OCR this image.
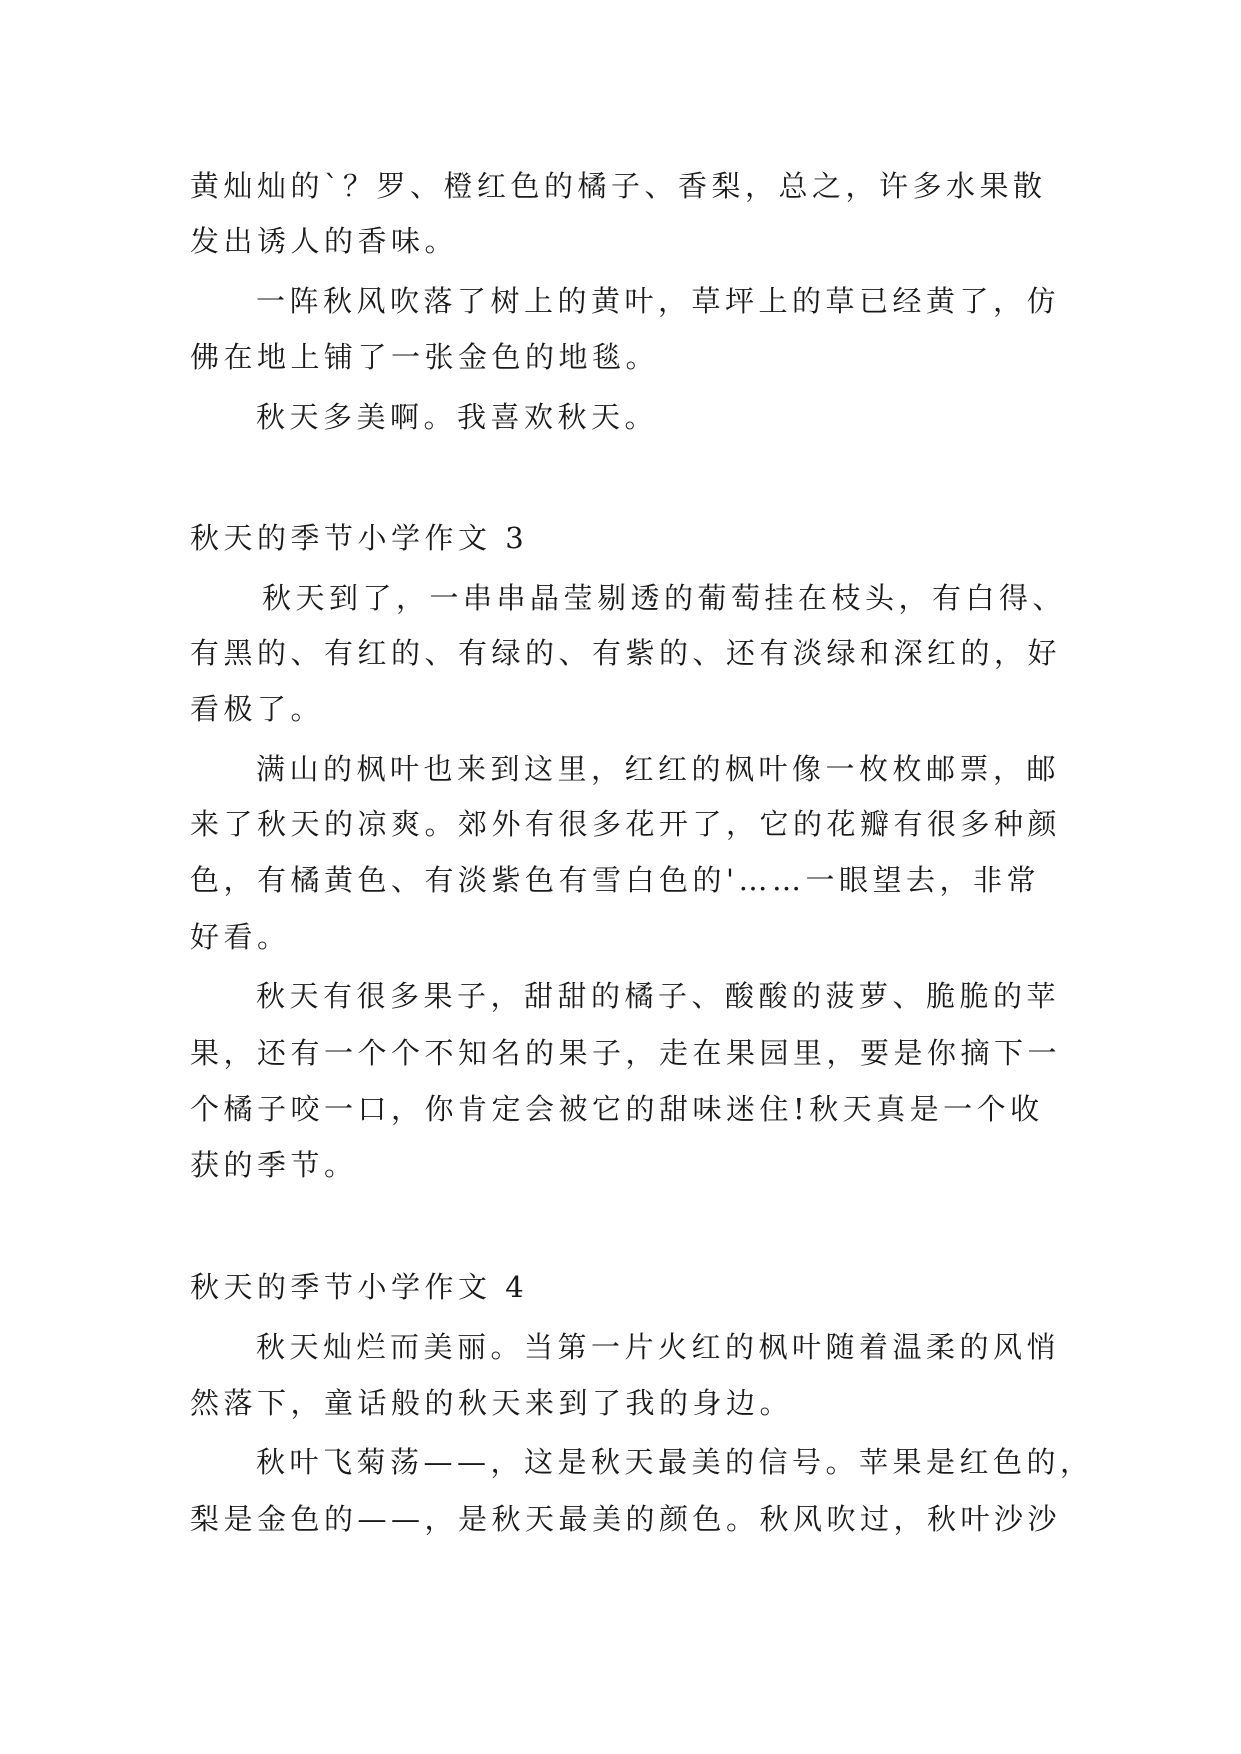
黄灿灿的`？罗、橙红色的橘子、香梨，总之，许多水果散

发出诱人的香味。

一阵秋风吹落了树上的黄叶，草坪上的草已经黄了，仿

佛在地上铺了一张金色的地毯。

秋天多美啊。我喜欢秋天。

秋天的季节小学作文 3

秋天到了，一串串晶莹剔透的葡萄挂在枝头，有白得、

有黑的、有红的、有绿的、有紫的、还有淡绿和深红的，好

看极了。

满山的枫叶也来到这里，红红的枫叶像一枚枚邮票，邮

来了秋天的凉爽。郊外有很多花开了，它的花瓣有很多种颜

色，有橘黄色、有淡紫色有雪白色的'……一眼望去，非常

好看。

秋天有很多果子，甜甜的橘子、酸酸的菠萝、脆脆的苹

果，还有一个个不知名的果子，走在果园里，要是你摘下一

个橘子咬一口，你肯定会被它的甜味迷住!秋天真是一个收

获的季节。

秋天的季节小学作文 4

秋天灿烂而美丽。当第一片火红的枫叶随着温柔的风悄

然落下，童话般的秋天来到了我的身边。

秋叶飞菊荡——，这是秋天最美的信号。苹果是红色的，

梨是金色的——，是秋天最美的颜色。秋风吹过，秋叶沙沙
